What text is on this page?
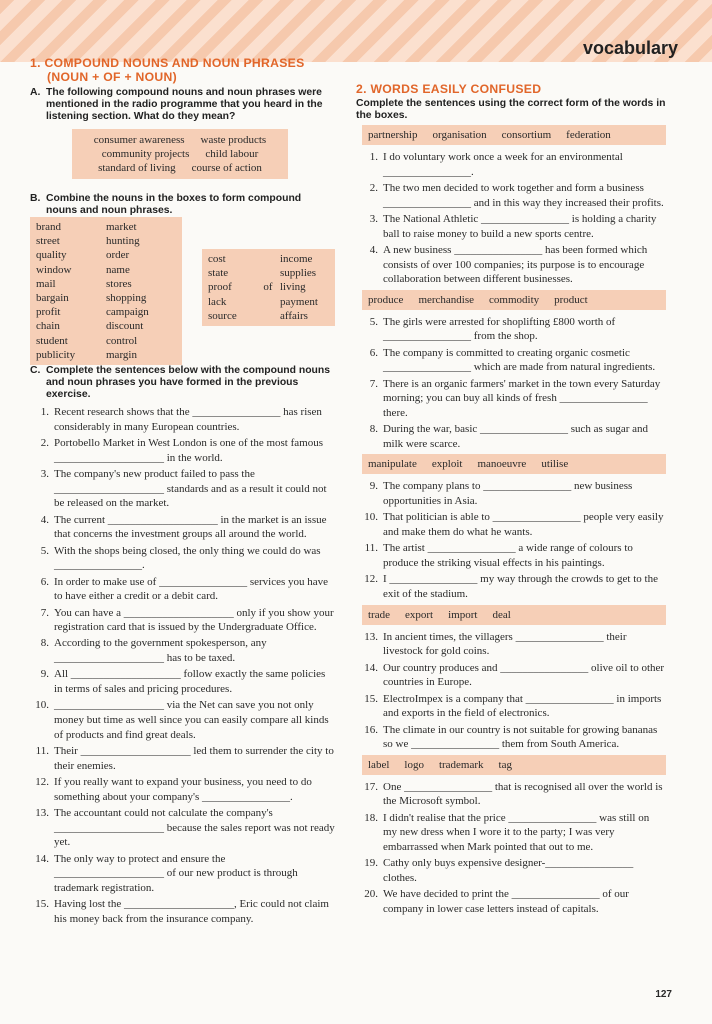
vocabulary
1. COMPOUND NOUNS AND NOUN PHRASES
(NOUN + OF + NOUN)
A. The following compound nouns and noun phrases were mentioned in the radio programme that you heard in the listening section. What do they mean?
consumer awareness waste products
community projects child labour
standard of living course of action
B. Combine the nouns in the boxes to form compound nouns and noun phrases.
brand
street
quality
window
mail
bargain
profit
chain
student
publicity
market
hunting
order
name
stores
shopping
campaign
discount
control
margin
cost
state
proof
lack
source
of
income
supplies
living
payment
affairs
C. Complete the sentences below with the compound nouns and noun phrases you have formed in the previous exercise.
1. Recent research shows that the ________________ has risen considerably in many European countries.
2. Portobello Market in West London is one of the most famous ____________________ in the world.
3. The company's new product failed to pass the ____________________ standards and as a result it could not be released on the market.
4. The current ____________________ in the market is an issue that concerns the investment groups all around the world.
5. With the shops being closed, the only thing we could do was ________________.
6. In order to make use of ________________ services you have to have either a credit or a debit card.
7. You can have a ____________________ only if you show your registration card that is issued by the Undergraduate Office.
8. According to the government spokesperson, any ____________________ has to be taxed.
9. All ____________________ follow exactly the same policies in terms of sales and pricing procedures.
10. ____________________ via the Net can save you not only money but time as well since you can easily compare all kinds of products and find great deals.
11. Their ____________________ led them to surrender the city to their enemies.
12. If you really want to expand your business, you need to do something about your company's ________________.
13. The accountant could not calculate the company's ____________________ because the sales report was not ready yet.
14. The only way to protect and ensure the ____________________ of our new product is through trademark registration.
15. Having lost the ____________________, Eric could not claim his money back from the insurance company.
2. WORDS EASILY CONFUSED
Complete the sentences using the correct form of the words in the boxes.
partnership organisation consortium federation
1. I do voluntary work once a week for an environmental ________________.
2. The two men decided to work together and form a business ________________ and in this way they increased their profits.
3. The National Athletic ________________ is holding a charity ball to raise money to build a new sports centre.
4. A new business ________________ has been formed which consists of over 100 companies; its purpose is to encourage collaboration between different businesses.
produce merchandise commodity product
5. The girls were arrested for shoplifting £800 worth of ________________ from the shop.
6. The company is committed to creating organic cosmetic ________________ which are made from natural ingredients.
7. There is an organic farmers' market in the town every Saturday morning; you can buy all kinds of fresh ________________ there.
8. During the war, basic ________________ such as sugar and milk were scarce.
manipulate exploit manoeuvre utilise
9. The company plans to ________________ new business opportunities in Asia.
10. That politician is able to ________________ people very easily and make them do what he wants.
11. The artist ________________ a wide range of colours to produce the striking visual effects in his paintings.
12. I ________________ my way through the crowds to get to the exit of the stadium.
trade export import deal
13. In ancient times, the villagers ________________ their livestock for gold coins.
14. Our country produces and ________________ olive oil to other countries in Europe.
15. ElectroImpex is a company that ________________ in imports and exports in the field of electronics.
16. The climate in our country is not suitable for growing bananas so we ________________ them from South America.
label logo trademark tag
17. One ________________ that is recognised all over the world is the Microsoft symbol.
18. I didn't realise that the price ________________ was still on my new dress when I wore it to the party; I was very embarrassed when Mark pointed that out to me.
19. Cathy only buys expensive designer-________________ clothes.
20. We have decided to print the ________________ of our company in lower case letters instead of capitals.
127
